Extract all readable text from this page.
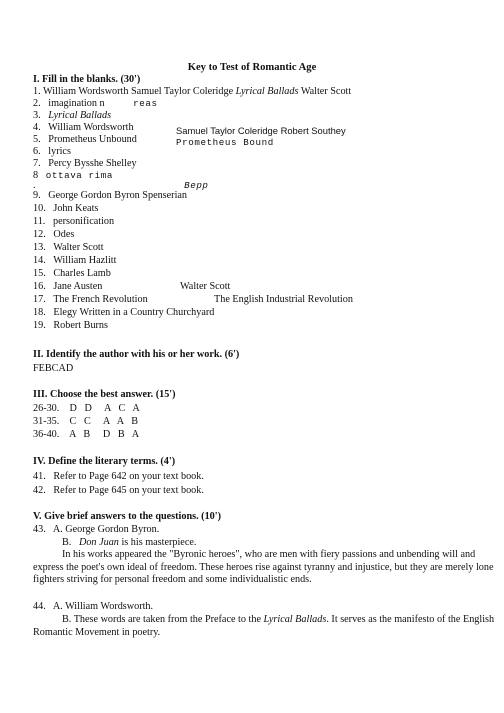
Key to Test of Romantic Age
I. Fill in the blanks. (30')
1. William Wordsworth Samuel Taylor Coleridge Lyrical Ballads Walter Scott
2. imagination n	reas
3. Lyrical Ballads
4. William Wordsworth	Samuel Taylor Coleridge Robert Southey
5. Prometheus Unbound	Prometheus Bound
6. lyrics
7. Percy Bysshe Shelley
8 ottava rima
.	Bepp
9. George Gordon Byron Spenserian
10. John Keats
11. personification
12. Odes
13. Walter Scott
14. William Hazlitt
15. Charles Lamb
16. Jane Austen	Walter Scott
17. The French Revolution	The English Industrial Revolution
18. Elegy Written in a Country Churchyard
19. Robert Burns
II. Identify the author with his or her work. (6')
FEBCAD
III. Choose the best answer. (15')
26-30. D   D     A   C   A
31-35. C   C     A   A   B
36-40. A   B     D   B   A
IV. Define the literary terms. (4')
41. Refer to Page 642 on your text book.
42. Refer to Page 645 on your text book.
V. Give brief answers to the questions. (10')
43. A. George Gordon Byron.
B.   Don Juan is his masterpiece.
In his works appeared the "Byronic heroes", who are men with fiery passions and unbending will and express the poet's own ideal of freedom. These heroes rise against tyranny and injustice, but they are merely lone fighters striving for personal freedom and some individualistic ends.
44. A. William Wordsworth.
B. These words are taken from the Preface to the Lyrical Ballads. It serves as the manifesto of the English Romantic Movement in poetry.
